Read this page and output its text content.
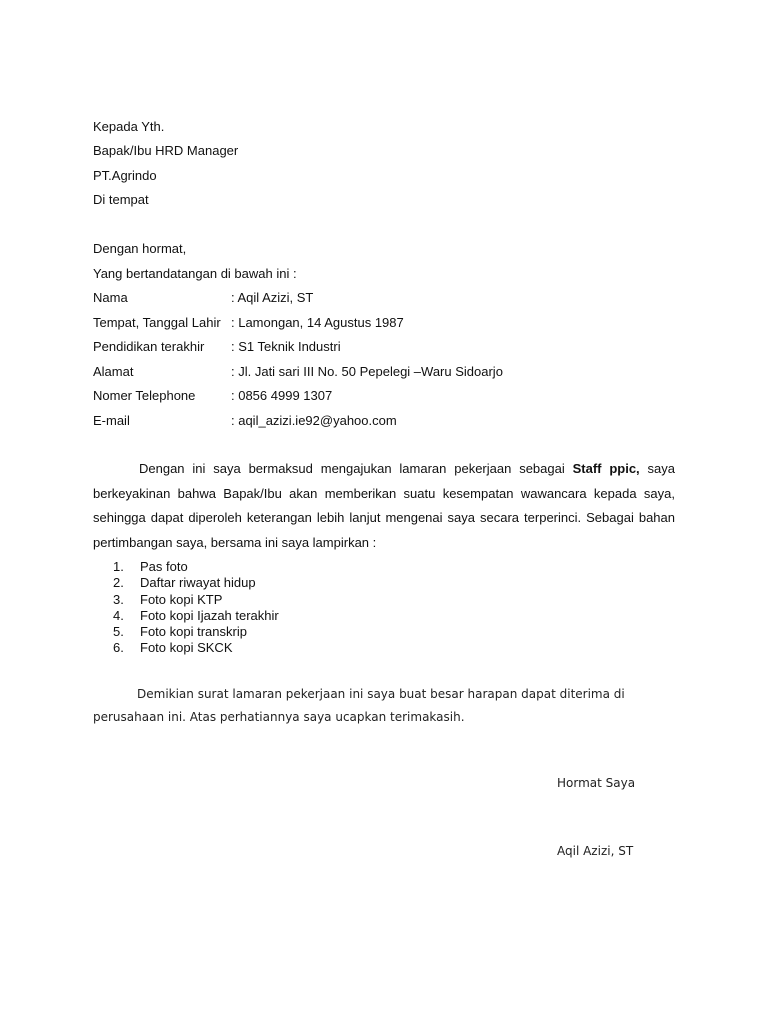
Kepada Yth.
Bapak/Ibu HRD Manager
PT.Agrindo
Di tempat
Dengan hormat,
Yang bertandatangan di bawah ini :
Nama	: Aqil Azizi, ST
Tempat, Tanggal Lahir : Lamongan, 14 Agustus 1987
Pendidikan terakhir : S1 Teknik Industri
Alamat	: Jl. Jati sari III No. 50 Pepelegi –Waru Sidoarjo
Nomer Telephone	: 0856 4999 1307
E-mail	: aqil_azizi.ie92@yahoo.com
Dengan ini saya bermaksud mengajukan lamaran pekerjaan sebagai Staff ppic, saya berkeyakinan bahwa Bapak/Ibu akan memberikan suatu kesempatan wawancara kepada saya, sehingga dapat diperoleh keterangan lebih lanjut mengenai saya secara terperinci. Sebagai bahan pertimbangan saya, bersama ini saya lampirkan :
1. Pas foto
2. Daftar riwayat hidup
3. Foto kopi KTP
4. Foto kopi Ijazah terakhir
5. Foto kopi transkrip
6. Foto kopi SKCK
Demikian surat lamaran pekerjaan ini saya buat besar harapan dapat diterima di perusahaan ini. Atas perhatiannya saya ucapkan terimakasih.
Hormat Saya
Aqil Azizi, ST
